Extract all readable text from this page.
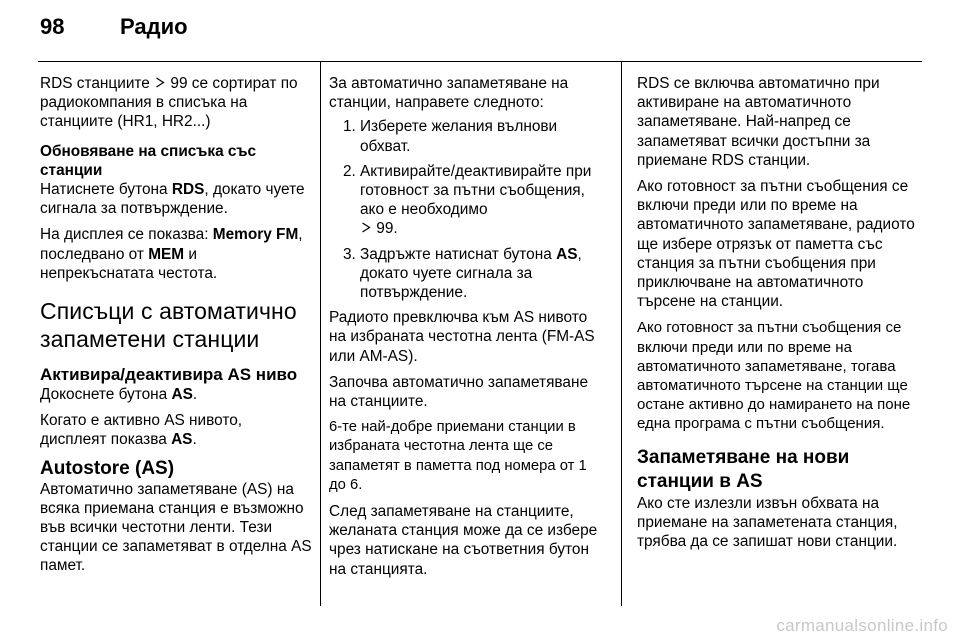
98	Радио

RDS станциите  99 се сортират по радиокомпания в списъка на станциите (HR1, HR2...)

Обновяване на списъка със
станции

Натиснете бутона RDS, докато чуете сигнала за потвърждение.

На дисплея се показва: Memory FM, последвано от MEM и непрекъснатата честота.

Списъци с автоматично запаметени станции
Активира/деактивира AS ниво

Докоснете бутона AS.

Когато е активно AS нивото, дисплеят показва AS.

Autostore (AS)

Автоматично запаметяване (AS) на всяка приемана станция е възможно във всички честотни ленти. Тези станции се запаметяват в отделна AS памет.

За автоматично запаметяване на станции, направете следното:

1. Изберете желания вълнови обхват.
2. Активирайте/деактивирайте при готовност за пътни съобщения, ако е необходимо
99.
3. Задръжте натиснат бутона AS, докато чуете сигнала за потвърждение.

Радиото превключва към AS нивото на избраната честотна лента (FM-AS или AM-AS).

Започва автоматично запаметяване на станциите.

6-те най-добре приемани станции в избраната честотна лента ще се запаметят в паметта под номера от 1 до 6.

След запаметяване на станциите, желаната станция може да се избере чрез натискане на съответния бутон на станцията.

RDS се включва автоматично при активиране на автоматичното запаметяване. Най-напред се запаметяват всички достъпни за приемане RDS станции.

Ако готовност за пътни съобщения се включи преди или по време на автоматичното запаметяване, радиото ще избере отрязък от паметта със станция за пътни съобщения при приключване на автоматичното търсене на станции.

Ако готовност за пътни съобщения се включи преди или по време на автоматичното запаметяване, тогава автоматичното търсене на станции ще остане активно до намирането на поне една програма с пътни съобщения.

Запаметяване на нови станции в AS

Ако сте излезли извън обхвата на приемане на запаметената станция, трябва да се запишат нови станции.

carmanualsonline.info
